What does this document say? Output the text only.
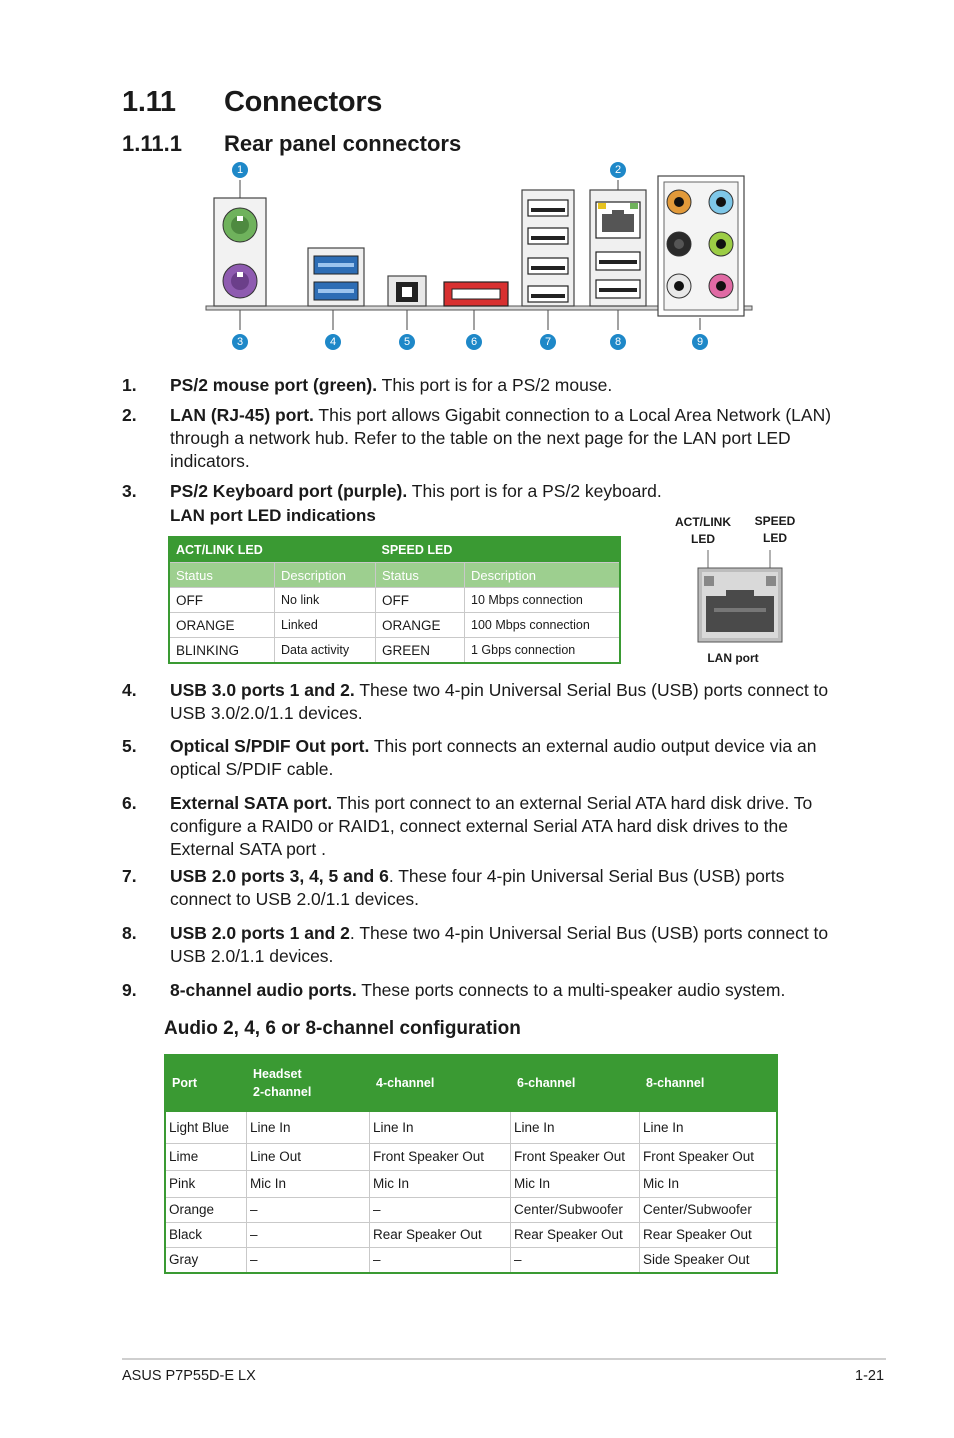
1.11 Connectors
1.11.1 Rear panel connectors
1	2
3	4	5	6	7	8	9
1. PS/2 mouse port (green). This port is for a PS/2 mouse.
2. LAN (RJ-45) port. This port allows Gigabit connection to a Local Area Network (LAN) through a network hub. Refer to the table on the next page for the LAN port LED indicators.
3. PS/2 Keyboard port (purple). This port is for a PS/2 keyboard.
LAN port LED indications
ACT/LINK LED		SPEED LED	
Status	Description	Status	Description
OFF	No link	OFF	10 Mbps connection
ORANGE	Linked	ORANGE	100 Mbps connection
BLINKING	Data activity	GREEN	1 Gbps connection
ACT/LINK
LED
SPEED
LED
LAN port
4. USB 3.0 ports 1 and 2. These two 4-pin Universal Serial Bus (USB) ports connect to USB 3.0/2.0/1.1 devices.
5. Optical S/PDIF Out port. This port connects an external audio output device via an optical S/PDIF cable.
6. External SATA port. This port connect to an external Serial ATA hard disk drive. To configure a RAID0 or RAID1, connect external Serial ATA hard disk drives to the External SATA port .
7. USB 2.0 ports 3, 4, 5 and 6. These four 4-pin Universal Serial Bus (USB) ports connect to USB 2.0/1.1 devices.
8. USB 2.0 ports 1 and 2. These two 4-pin Universal Serial Bus (USB) ports connect to USB 2.0/1.1 devices.
9. 8-channel audio ports. These ports connects to a multi-speaker audio system.
Audio 2, 4, 6 or 8-channel configuration
Port	Headset
2-channel	4-channel	6-channel	8-channel
Light Blue	Line In	Line In	Line In	Line In
Lime	Line Out	Front Speaker Out	Front Speaker Out	Front Speaker Out
Pink	Mic In	Mic In	Mic In	Mic In
Orange	–	–	Center/Subwoofer	Center/Subwoofer
Black	–	Rear Speaker Out	Rear Speaker Out	Rear Speaker Out
Gray	–	–	–	Side Speaker Out
ASUS P7P55D-E LX	1-21
